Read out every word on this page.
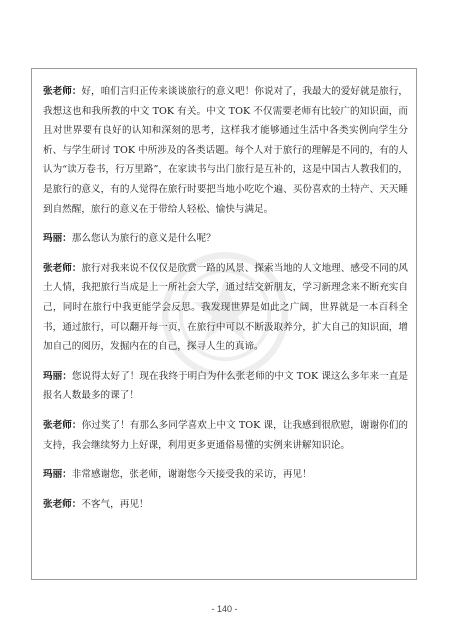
张老师：好，咱们言归正传来谈谈旅行的意义吧！你说对了，我最大的爱好就是旅行，我想这也和我所教的中文 TOK 有关。中文 TOK 不仅需要老师有比较广的知识面，而且对世界要有良好的认知和深刻的思考，这样我才能够通过生活中各类实例向学生分析、与学生研讨 TOK 中所涉及的各类话题。每个人对于旅行的理解是不同的，有的人认为“读万卷书，行万里路”，在家读书与出门旅行是互补的，这是中国古人教我们的，是旅行的意义，有的人觉得在旅行时要把当地小吃吃个遍、买份喜欢的土特产、天天睡到自然醒，旅行的意义在于带给人轻松、愉快与满足。

玛丽：那么您认为旅行的意义是什么呢？

张老师：旅行对我来说不仅仅是欣赏一路的风景、探索当地的人文地理、感受不同的风土人情，我把旅行当成是上一所社会大学，通过结交新朋友，学习新理念来不断充实自己，同时在旅行中我更能学会反思。我发现世界是如此之广阔，世界就是一本百科全书，通过旅行，可以翻开每一页，在旅行中可以不断汲取养分，扩大自己的知识面，增加自己的阅历，发掘内在的自己，探寻人生的真谛。

玛丽：您说得太好了！现在我终于明白为什么张老师的中文 TOK 课这么多年来一直是报名人数最多的课了！

张老师：你过奖了！有那么多同学喜欢上中文 TOK 课，让我感到很欣慰，谢谢你们的支持，我会继续努力上好课，利用更多更通俗易懂的实例来讲解知识论。

玛丽：非常感谢您，张老师，谢谢您今天接受我的采访，再见！

张老师：不客气，再见！

- 140 -
